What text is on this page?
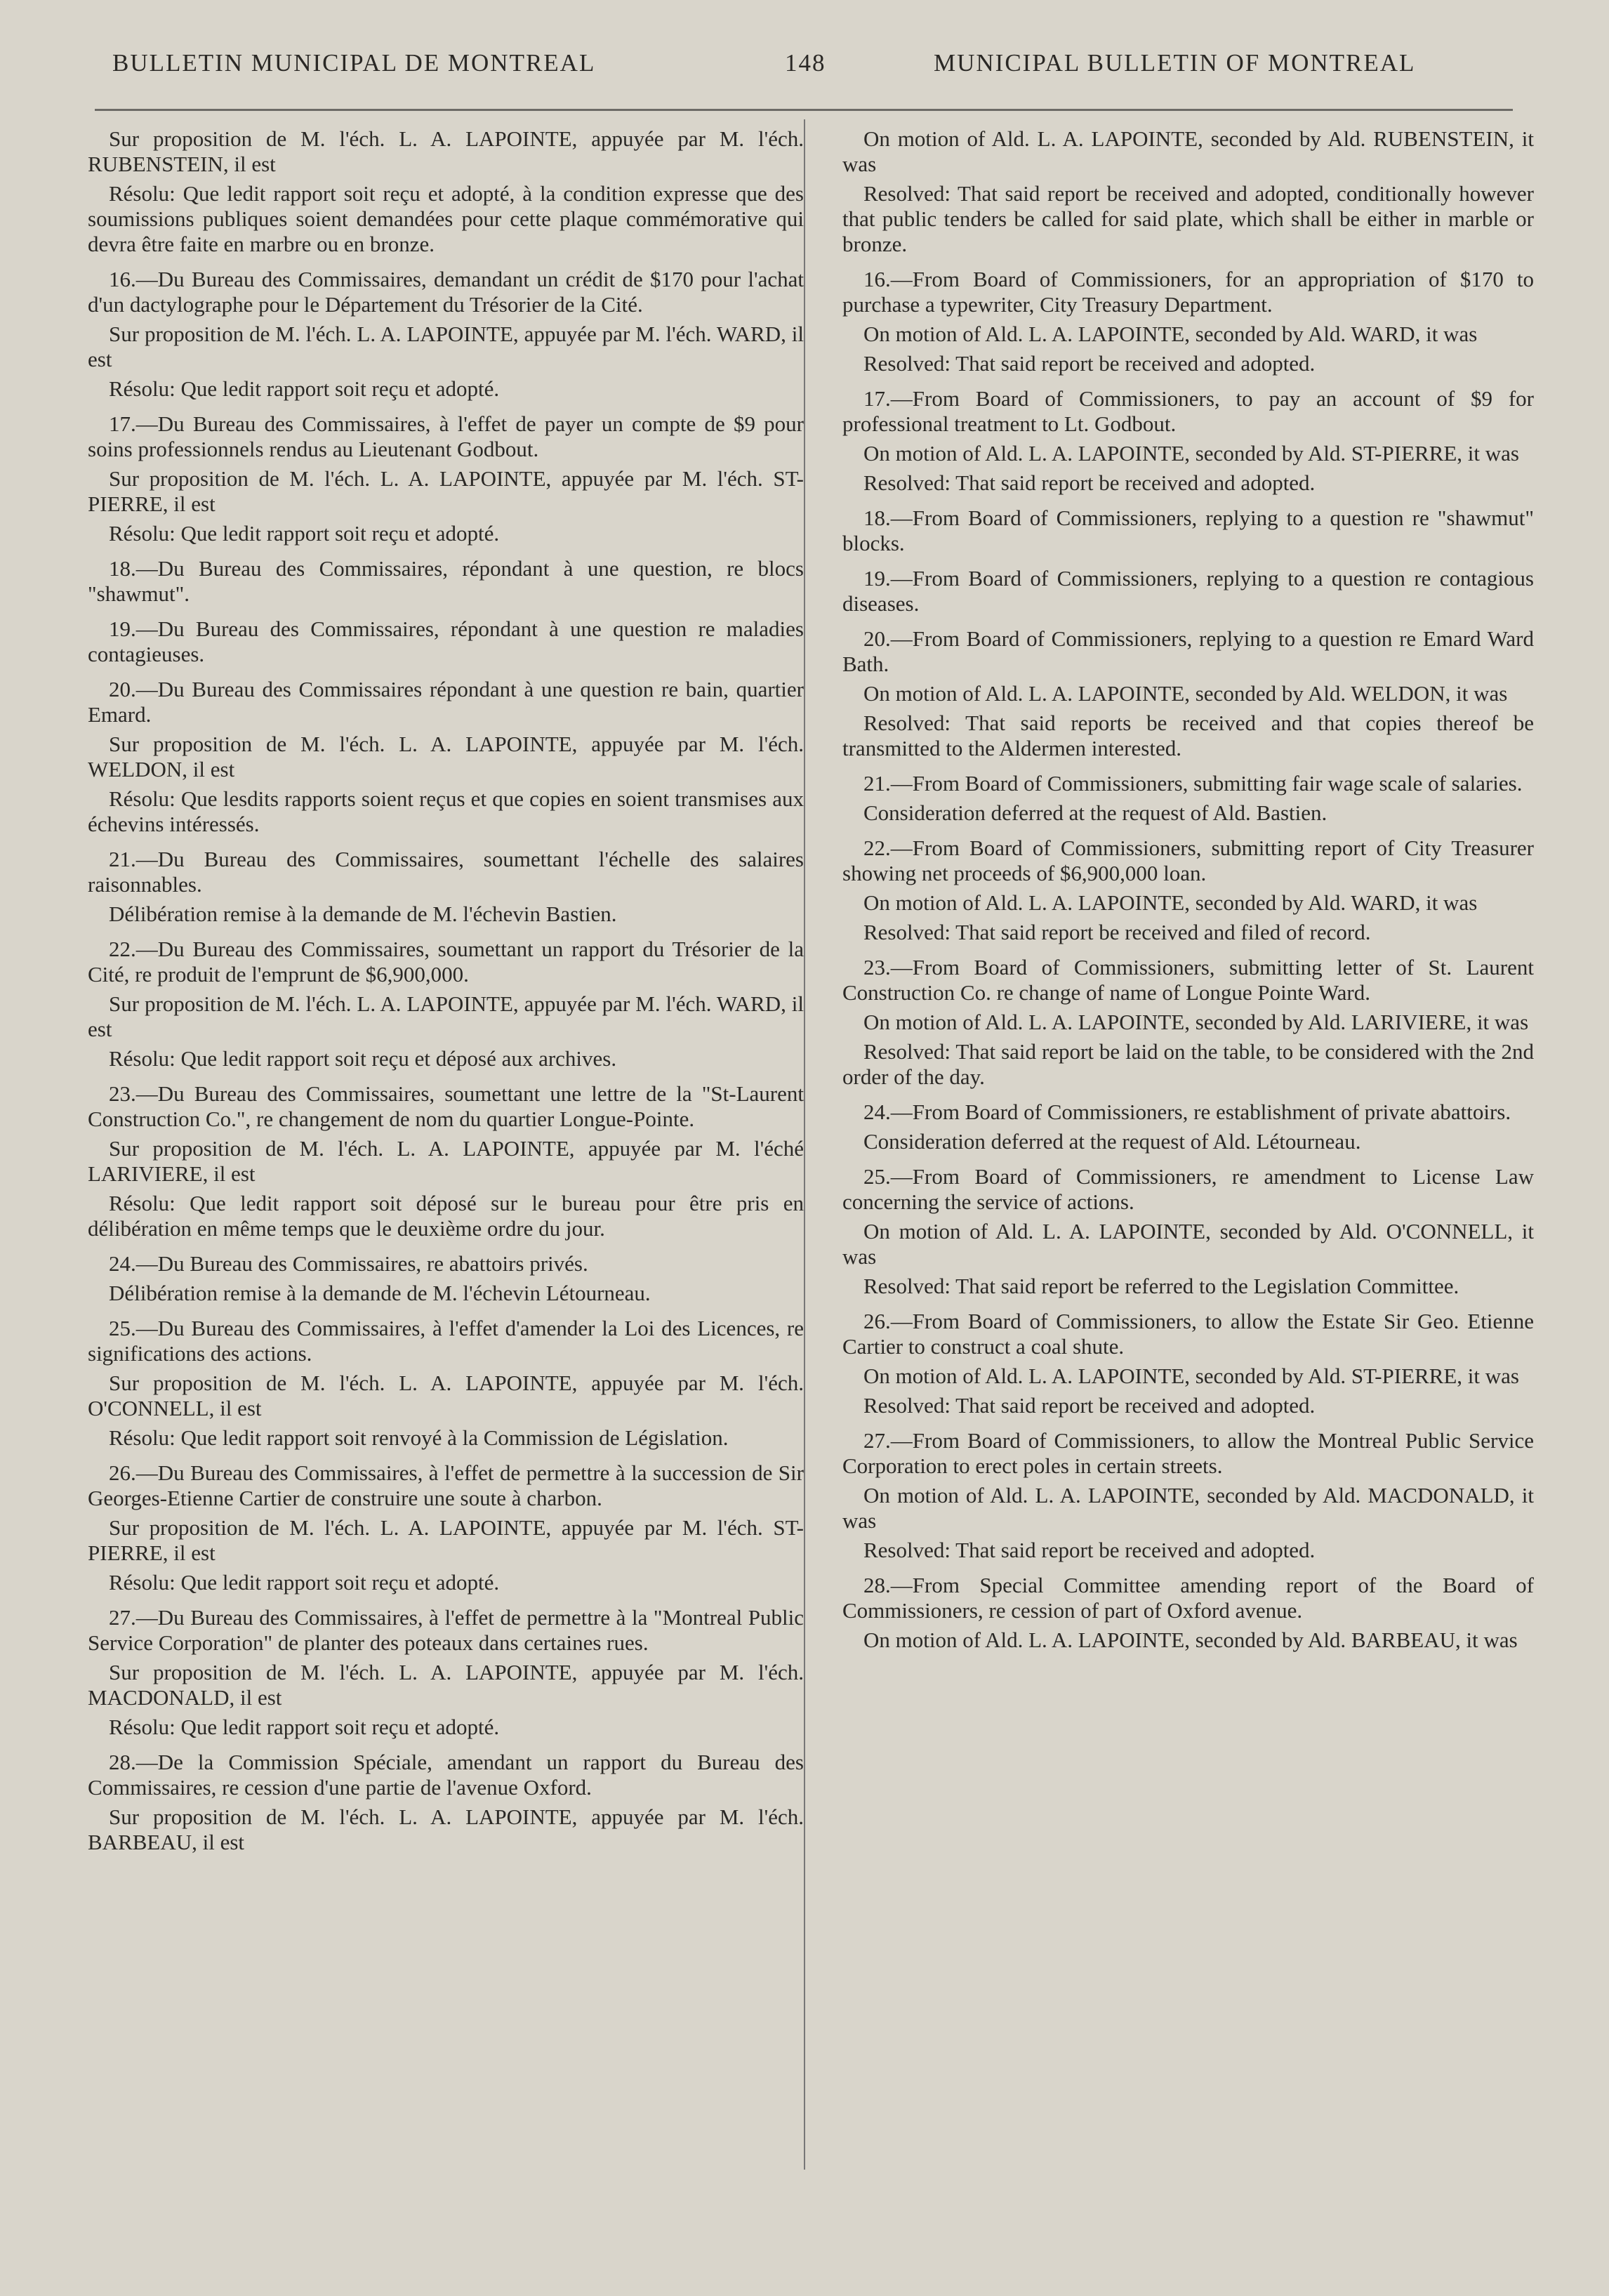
BULLETIN MUNICIPAL DE MONTREAL	148	MUNICIPAL BULLETIN OF MONTREAL

Sur proposition de M. l'éch. L. A. LAPOINTE, appuyée par M. l'éch. RUBENSTEIN, il est

Résolu: Que ledit rapport soit reçu et adopté, à la condition expresse que des soumissions publiques soient demandées pour cette plaque commémorative qui devra être faite en marbre ou en bronze.

16.—Du Bureau des Commissaires, demandant un crédit de $170 pour l'achat d'un dactylographe pour le Département du Trésorier de la Cité.

Sur proposition de M. l'éch. L. A. LAPOINTE, appuyée par M. l'éch. WARD, il est

Résolu: Que ledit rapport soit reçu et adopté.

17.—Du Bureau des Commissaires, à l'effet de payer un compte de $9 pour soins professionnels rendus au Lieutenant Godbout.

Sur proposition de M. l'éch. L. A. LAPOINTE, appuyée par M. l'éch. ST-PIERRE, il est

Résolu: Que ledit rapport soit reçu et adopté.

18.—Du Bureau des Commissaires, répondant à une question, re blocs "shawmut".

19.—Du Bureau des Commissaires, répondant à une question re maladies contagieuses.

20.—Du Bureau des Commissaires répondant à une question re bain, quartier Emard.

Sur proposition de M. l'éch. L. A. LAPOINTE, appuyée par M. l'éch. WELDON, il est

Résolu: Que lesdits rapports soient reçus et que copies en soient transmises aux échevins intéressés.

21.—Du Bureau des Commissaires, soumettant l'échelle des salaires raisonnables.

Délibération remise à la demande de M. l'échevin Bastien.

22.—Du Bureau des Commissaires, soumettant un rapport du Trésorier de la Cité, re produit de l'emprunt de $6,900,000.

Sur proposition de M. l'éch. L. A. LAPOINTE, appuyée par M. l'éch. WARD, il est

Résolu: Que ledit rapport soit reçu et déposé aux archives.

23.—Du Bureau des Commissaires, soumettant une lettre de la "St-Laurent Construction Co.", re changement de nom du quartier Longue-Pointe.

Sur proposition de M. l'éch. L. A. LAPOINTE, appuyée par M. l'éché LARIVIERE, il est

Résolu: Que ledit rapport soit déposé sur le bureau pour être pris en délibération en même temps que le deuxième ordre du jour.

24.—Du Bureau des Commissaires, re abattoirs privés.

Délibération remise à la demande de M. l'échevin Létourneau.

25.—Du Bureau des Commissaires, à l'effet d'amender la Loi des Licences, re significations des actions.

Sur proposition de M. l'éch. L. A. LAPOINTE, appuyée par M. l'éch. O'CONNELL, il est

Résolu: Que ledit rapport soit renvoyé à la Commission de Législation.

26.—Du Bureau des Commissaires, à l'effet de permettre à la succession de Sir Georges-Etienne Cartier de construire une soute à charbon.

Sur proposition de M. l'éch. L. A. LAPOINTE, appuyée par M. l'éch. ST-PIERRE, il est

Résolu: Que ledit rapport soit reçu et adopté.

27.—Du Bureau des Commissaires, à l'effet de permettre à la "Montreal Public Service Corporation" de planter des poteaux dans certaines rues.

Sur proposition de M. l'éch. L. A. LAPOINTE, appuyée par M. l'éch. MACDONALD, il est

Résolu: Que ledit rapport soit reçu et adopté.

28.—De la Commission Spéciale, amendant un rapport du Bureau des Commissaires, re cession d'une partie de l'avenue Oxford.

Sur proposition de M. l'éch. L. A. LAPOINTE, appuyée par M. l'éch. BARBEAU, il est

On motion of Ald. L. A. LAPOINTE, seconded by Ald. RUBENSTEIN, it was

Resolved: That said report be received and adopted, conditionally however that public tenders be called for said plate, which shall be either in marble or bronze.

16.—From Board of Commissioners, for an appropriation of $170 to purchase a typewriter, City Treasury Department.

On motion of Ald. L. A. LAPOINTE, seconded by Ald. WARD, it was

Resolved: That said report be received and adopted.

17.—From Board of Commissioners, to pay an account of $9 for professional treatment to Lt. Godbout.

On motion of Ald. L. A. LAPOINTE, seconded by Ald. ST-PIERRE, it was

Resolved: That said report be received and adopted.

18.—From Board of Commissioners, replying to a question re "shawmut" blocks.

19.—From Board of Commissioners, replying to a question re contagious diseases.

20.—From Board of Commissioners, replying to a question re Emard Ward Bath.

On motion of Ald. L. A. LAPOINTE, seconded by Ald. WELDON, it was

Resolved: That said reports be received and that copies thereof be transmitted to the Aldermen interested.

21.—From Board of Commissioners, submitting fair wage scale of salaries.

Consideration deferred at the request of Ald. Bastien.

22.—From Board of Commissioners, submitting report of City Treasurer showing net proceeds of $6,900,000 loan.

On motion of Ald. L. A. LAPOINTE, seconded by Ald. WARD, it was

Resolved: That said report be received and filed of record.

23.—From Board of Commissioners, submitting letter of St. Laurent Construction Co. re change of name of Longue Pointe Ward.

On motion of Ald. L. A. LAPOINTE, seconded by Ald. LARIVIERE, it was

Resolved: That said report be laid on the table, to be considered with the 2nd order of the day.

24.—From Board of Commissioners, re establishment of private abattoirs.

Consideration deferred at the request of Ald. Létourneau.

25.—From Board of Commissioners, re amendment to License Law concerning the service of actions.

On motion of Ald. L. A. LAPOINTE, seconded by Ald. O'CONNELL, it was

Resolved: That said report be referred to the Legislation Committee.

26.—From Board of Commissioners, to allow the Estate Sir Geo. Etienne Cartier to construct a coal shute.

On motion of Ald. L. A. LAPOINTE, seconded by Ald. ST-PIERRE, it was

Resolved: That said report be received and adopted.

27.—From Board of Commissioners, to allow the Montreal Public Service Corporation to erect poles in certain streets.

On motion of Ald. L. A. LAPOINTE, seconded by Ald. MACDONALD, it was

Resolved: That said report be received and adopted.

28.—From Special Committee amending report of the Board of Commissioners, re cession of part of Oxford avenue.

On motion of Ald. L. A. LAPOINTE, seconded by Ald. BARBEAU, it was
